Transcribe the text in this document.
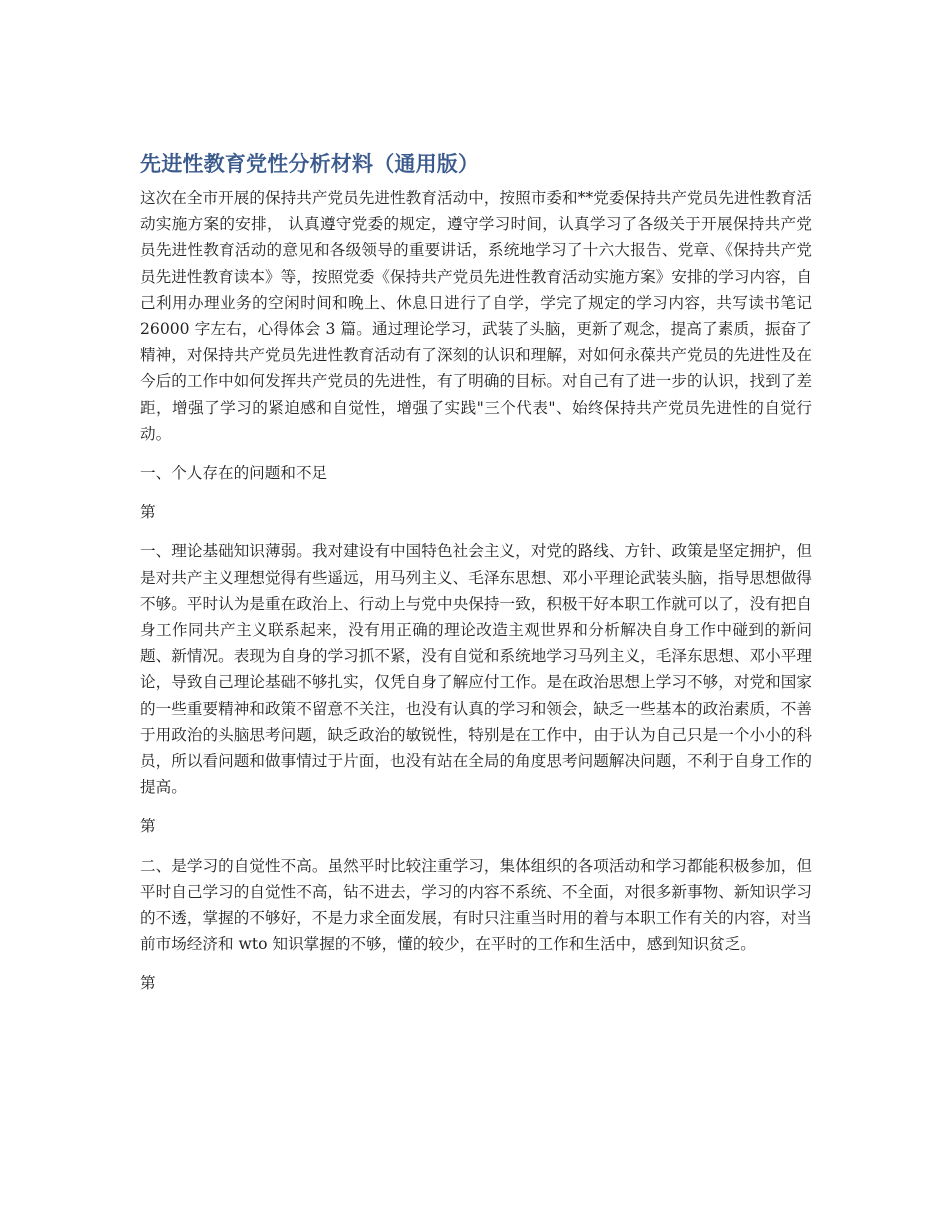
先进性教育党性分析材料（通用版）

这次在全市开展的保持共产党员先进性教育活动中，按照市委和**党委保持共产党员先进性教育活动实施方案的安排， 认真遵守党委的规定，遵守学习时间，认真学习了各级关于开展保持共产党员先进性教育活动的意见和各级领导的重要讲话，系统地学习了十六大报告、党章、《保持共产党员先进性教育读本》等，按照党委《保持共产党员先进性教育活动实施方案》安排的学习内容，自己利用办理业务的空闲时间和晚上、休息日进行了自学，学完了规定的学习内容，共写读书笔记 26000 字左右，心得体会 3 篇。通过理论学习，武装了头脑，更新了观念，提高了素质，振奋了精神，对保持共产党员先进性教育活动有了深刻的认识和理解，对如何永葆共产党员的先进性及在今后的工作中如何发挥共产党员的先进性，有了明确的目标。对自己有了进一步的认识，找到了差距，增强了学习的紧迫感和自觉性，增强了实践"三个代表"、始终保持共产党员先进性的自觉行动。

一、个人存在的问题和不足

第

一、理论基础知识薄弱。我对建设有中国特色社会主义，对党的路线、方针、政策是坚定拥护，但是对共产主义理想觉得有些遥远，用马列主义、毛泽东思想、邓小平理论武装头脑，指导思想做得不够。平时认为是重在政治上、行动上与党中央保持一致，积极干好本职工作就可以了，没有把自身工作同共产主义联系起来，没有用正确的理论改造主观世界和分析解决自身工作中碰到的新问题、新情况。表现为自身的学习抓不紧，没有自觉和系统地学习马列主义，毛泽东思想、邓小平理论，导致自己理论基础不够扎实，仅凭自身了解应付工作。是在政治思想上学习不够，对党和国家的一些重要精神和政策不留意不关注，也没有认真的学习和领会，缺乏一些基本的政治素质，不善于用政治的头脑思考问题，缺乏政治的敏锐性，特别是在工作中，由于认为自己只是一个小小的科员，所以看问题和做事情过于片面，也没有站在全局的角度思考问题解决问题，不利于自身工作的提高。

第

二、是学习的自觉性不高。虽然平时比较注重学习，集体组织的各项活动和学习都能积极参加，但平时自己学习的自觉性不高，钻不进去，学习的内容不系统、不全面，对很多新事物、新知识学习的不透，掌握的不够好，不是力求全面发展，有时只注重当时用的着与本职工作有关的内容，对当前市场经济和 wto 知识掌握的不够，懂的较少，在平时的工作和生活中，感到知识贫乏。

第
